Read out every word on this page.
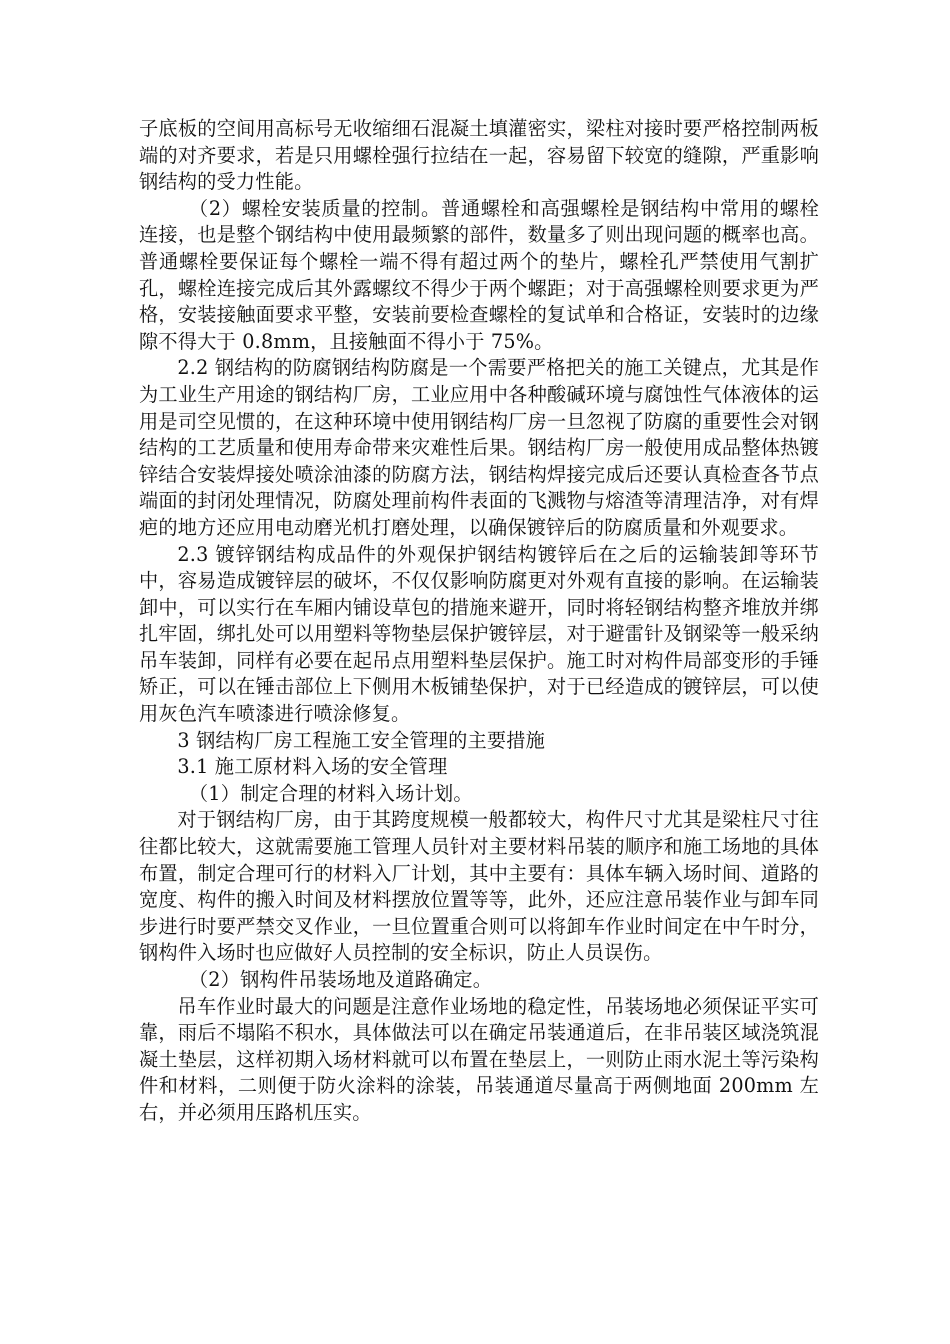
子底板的空间用高标号无收缩细石混凝土填灌密实，梁柱对接时要严格控制两板端的对齐要求，若是只用螺栓强行拉结在一起，容易留下较宽的缝隙，严重影响钢结构的受力性能。

（2）螺栓安装质量的控制。普通螺栓和高强螺栓是钢结构中常用的螺栓连接，也是整个钢结构中使用最频繁的部件，数量多了则出现问题的概率也高。普通螺栓要保证每个螺栓一端不得有超过两个的垫片，螺栓孔严禁使用气割扩孔，螺栓连接完成后其外露螺纹不得少于两个螺距；对于高强螺栓则要求更为严格，安装接触面要求平整，安装前要检查螺栓的复试单和合格证，安装时的边缘隙不得大于 0.8mm，且接触面不得小于 75%。

2.2 钢结构的防腐钢结构防腐是一个需要严格把关的施工关键点，尤其是作为工业生产用途的钢结构厂房，工业应用中各种酸碱环境与腐蚀性气体液体的运用是司空见惯的，在这种环境中使用钢结构厂房一旦忽视了防腐的重要性会对钢结构的工艺质量和使用寿命带来灾难性后果。钢结构厂房一般使用成品整体热镀锌结合安装焊接处喷涂油漆的防腐方法，钢结构焊接完成后还要认真检查各节点端面的封闭处理情况，防腐处理前构件表面的飞溅物与熔渣等清理洁净，对有焊疤的地方还应用电动磨光机打磨处理，以确保镀锌后的防腐质量和外观要求。

2.3 镀锌钢结构成品件的外观保护钢结构镀锌后在之后的运输装卸等环节中，容易造成镀锌层的破坏，不仅仅影响防腐更对外观有直接的影响。在运输装卸中，可以实行在车厢内铺设草包的措施来避开，同时将轻钢结构整齐堆放并绑扎牢固，绑扎处可以用塑料等物垫层保护镀锌层，对于避雷针及钢梁等一般采纳吊车装卸，同样有必要在起吊点用塑料垫层保护。施工时对构件局部变形的手锤矫正，可以在锤击部位上下侧用木板铺垫保护，对于已经造成的镀锌层，可以使用灰色汽车喷漆进行喷涂修复。

3 钢结构厂房工程施工安全管理的主要措施

3.1 施工原材料入场的安全管理

（1）制定合理的材料入场计划。

对于钢结构厂房，由于其跨度规模一般都较大，构件尺寸尤其是梁柱尺寸往往都比较大，这就需要施工管理人员针对主要材料吊装的顺序和施工场地的具体布置，制定合理可行的材料入厂计划，其中主要有：具体车辆入场时间、道路的宽度、构件的搬入时间及材料摆放位置等等，此外，还应注意吊装作业与卸车同步进行时要严禁交叉作业，一旦位置重合则可以将卸车作业时间定在中午时分，钢构件入场时也应做好人员控制的安全标识，防止人员误伤。

（2）钢构件吊装场地及道路确定。

吊车作业时最大的问题是注意作业场地的稳定性，吊装场地必须保证平实可靠，雨后不塌陷不积水，具体做法可以在确定吊装通道后，在非吊装区域浇筑混凝土垫层，这样初期入场材料就可以布置在垫层上，一则防止雨水泥土等污染构件和材料，二则便于防火涂料的涂装，吊装通道尽量高于两侧地面 200mm 左右，并必须用压路机压实。
